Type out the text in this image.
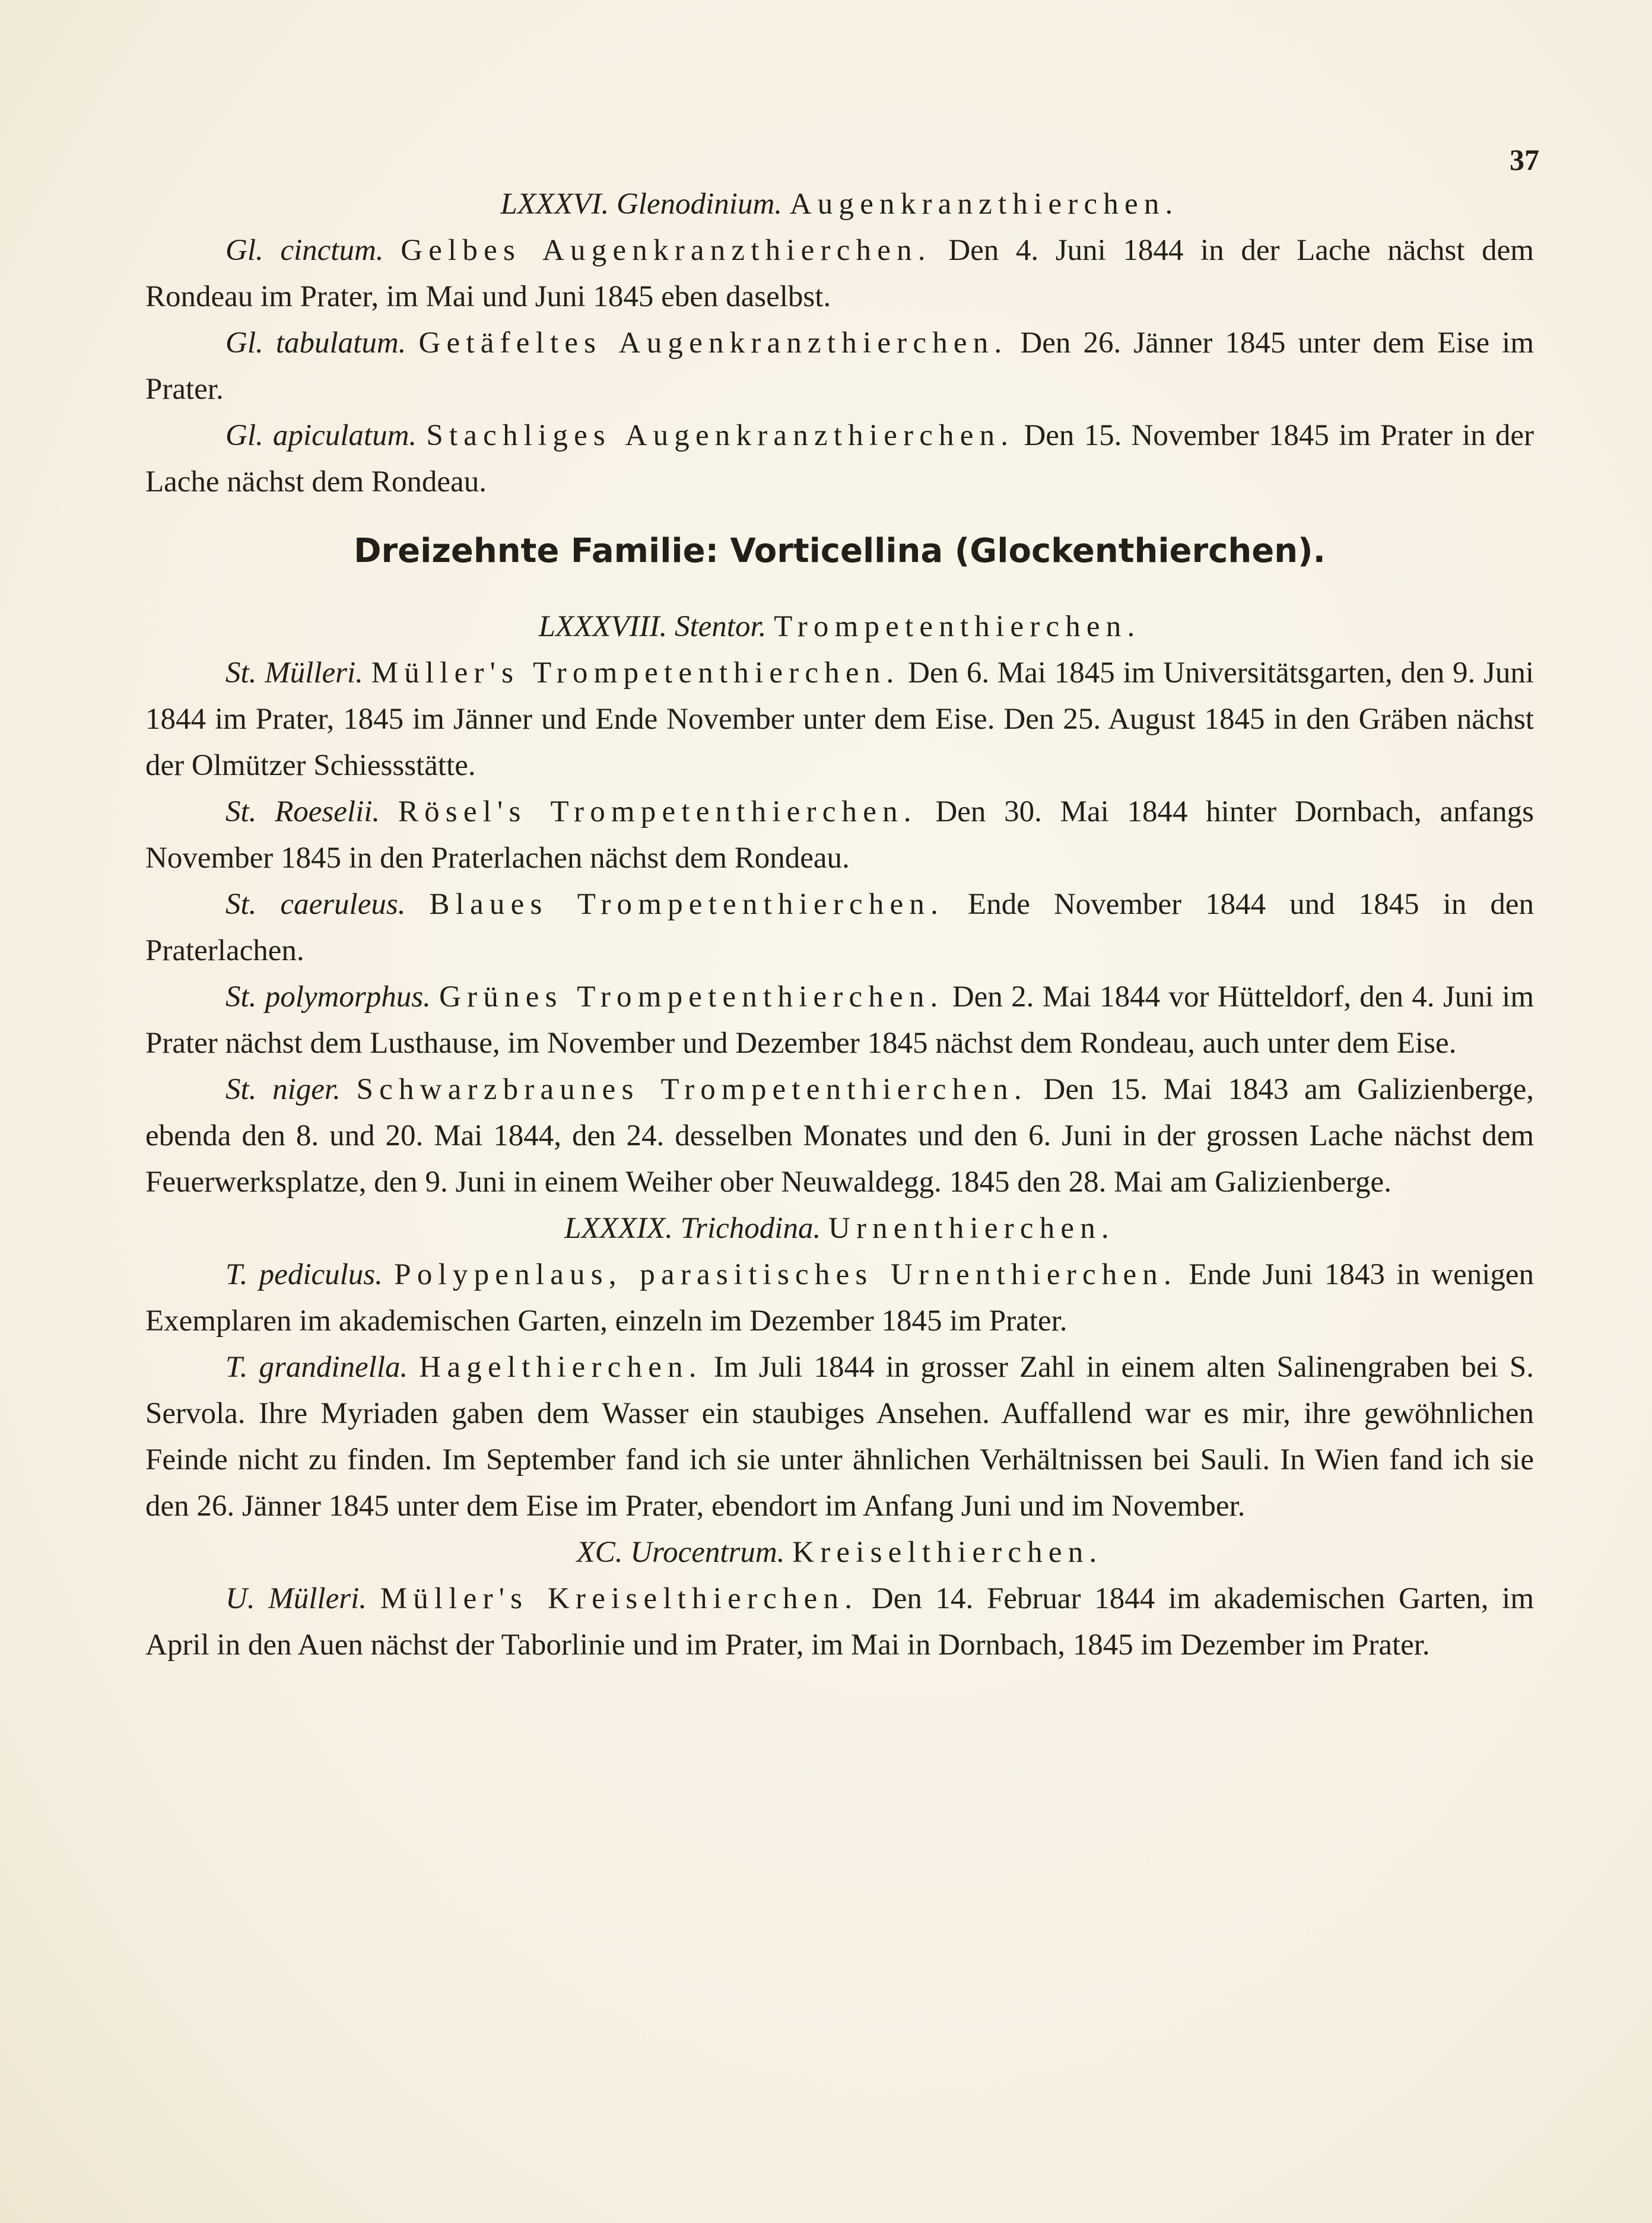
37

LXXXVI. Glenodinium. Augenkranzthierchen.

Gl. cinctum. Gelbes Augenkranzthierchen. Den 4. Juni 1844 in der Lache nächst dem Rondeau im Prater, im Mai und Juni 1845 eben daselbst.

Gl. tabulatum. Getäfeltes Augenkranzthierchen. Den 26. Jänner 1845 unter dem Eise im Prater.

Gl. apiculatum. Stachliges Augenkranzthierchen. Den 15. November 1845 im Prater in der Lache nächst dem Rondeau.

Dreizehnte Familie: Vorticellina (Glockenthierchen).

LXXXVIII. Stentor. Trompetenthierchen.

St. Mülleri. Müller's Trompetenthierchen. Den 6. Mai 1845 im Universitätsgarten, den 9. Juni 1844 im Prater, 1845 im Jänner und Ende November unter dem Eise. Den 25. August 1845 in den Gräben nächst der Olmützer Schiessstätte.

St. Roeselii. Rösel's Trompetenthierchen. Den 30. Mai 1844 hinter Dornbach, anfangs November 1845 in den Praterlachen nächst dem Rondeau.

St. caeruleus. Blaues Trompetenthierchen. Ende November 1844 und 1845 in den Praterlachen.

St. polymorphus. Grünes Trompetenthierchen. Den 2. Mai 1844 vor Hütteldorf, den 4. Juni im Prater nächst dem Lusthause, im November und Dezember 1845 nächst dem Rondeau, auch unter dem Eise.

St. niger. Schwarzbraunes Trompetenthierchen. Den 15. Mai 1843 am Galizienberge, ebenda den 8. und 20. Mai 1844, den 24. desselben Monates und den 6. Juni in der grossen Lache nächst dem Feuerwerksplatze, den 9. Juni in einem Weiher ober Neuwaldegg. 1845 den 28. Mai am Galizienberge.

LXXXIX. Trichodina. Urnenthierchen.

T. pediculus. Polypenlaus, parasitisches Urnenthierchen. Ende Juni 1843 in wenigen Exemplaren im akademischen Garten, einzeln im Dezember 1845 im Prater.

T. grandinella. Hagelthierchen. Im Juli 1844 in grosser Zahl in einem alten Salinengraben bei S. Servola. Ihre Myriaden gaben dem Wasser ein staubiges Ansehen. Auffallend war es mir, ihre gewöhnlichen Feinde nicht zu finden. Im September fand ich sie unter ähnlichen Verhältnissen bei Sauli. In Wien fand ich sie den 26. Jänner 1845 unter dem Eise im Prater, ebendort im Anfang Juni und im November.

XC. Urocentrum. Kreiselthierchen.

U. Mülleri. Müller's Kreiselthierchen. Den 14. Februar 1844 im akademischen Garten, im April in den Auen nächst der Taborlinie und im Prater, im Mai in Dornbach, 1845 im Dezember im Prater.
